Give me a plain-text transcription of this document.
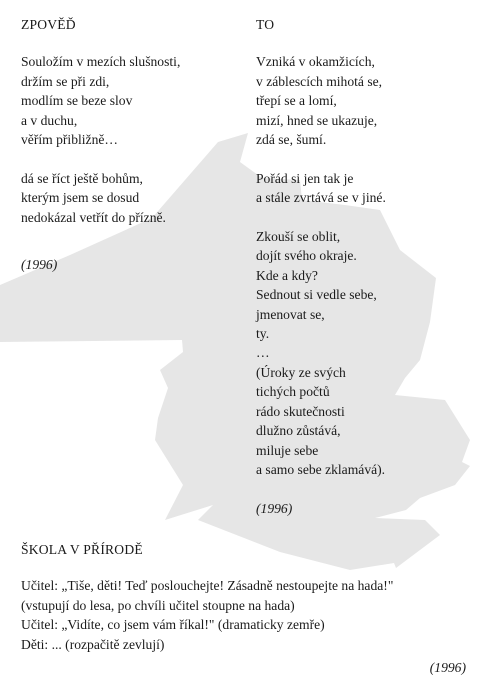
ZPOVĚĎ
Souložím v mezích slušnosti,
držím se při zdi,
modlím se beze slov
a v duchu,
věřím přibližně…
dá se říct ještě bohům,
kterým jsem se dosud
nedokázal vetřít do přízně.
(1996)
TO
Vzniká v okamžicích,
v záblescích mihotá se,
třepí se a lomí,
mizí, hned se ukazuje,
zdá se, šumí.
Pořád si jen tak je
a stále zvrtává se v jiné.
Zkouší se oblit,
dojít svého okraje.
Kde a kdy?
Sednout si vedle sebe,
jmenovat se,
ty.
…
(Úroky ze svých
tichých počtů
rádo skutečnosti
dlužno zůstává,
miluje sebe
a samo sebe zklamává).
(1996)
ŠKOLA V PŘÍRODĚ
Učitel: „Tiše, děti! Teď poslouchejte! Zásadně nestoupejte na hada!"
(vstupují do lesa, po chvíli učitel stoupne na hada)
Učitel: „Vidíte, co jsem vám říkal!" (dramaticky zemře)
Děti: ... (rozpačitě zevlují)
(1996)
